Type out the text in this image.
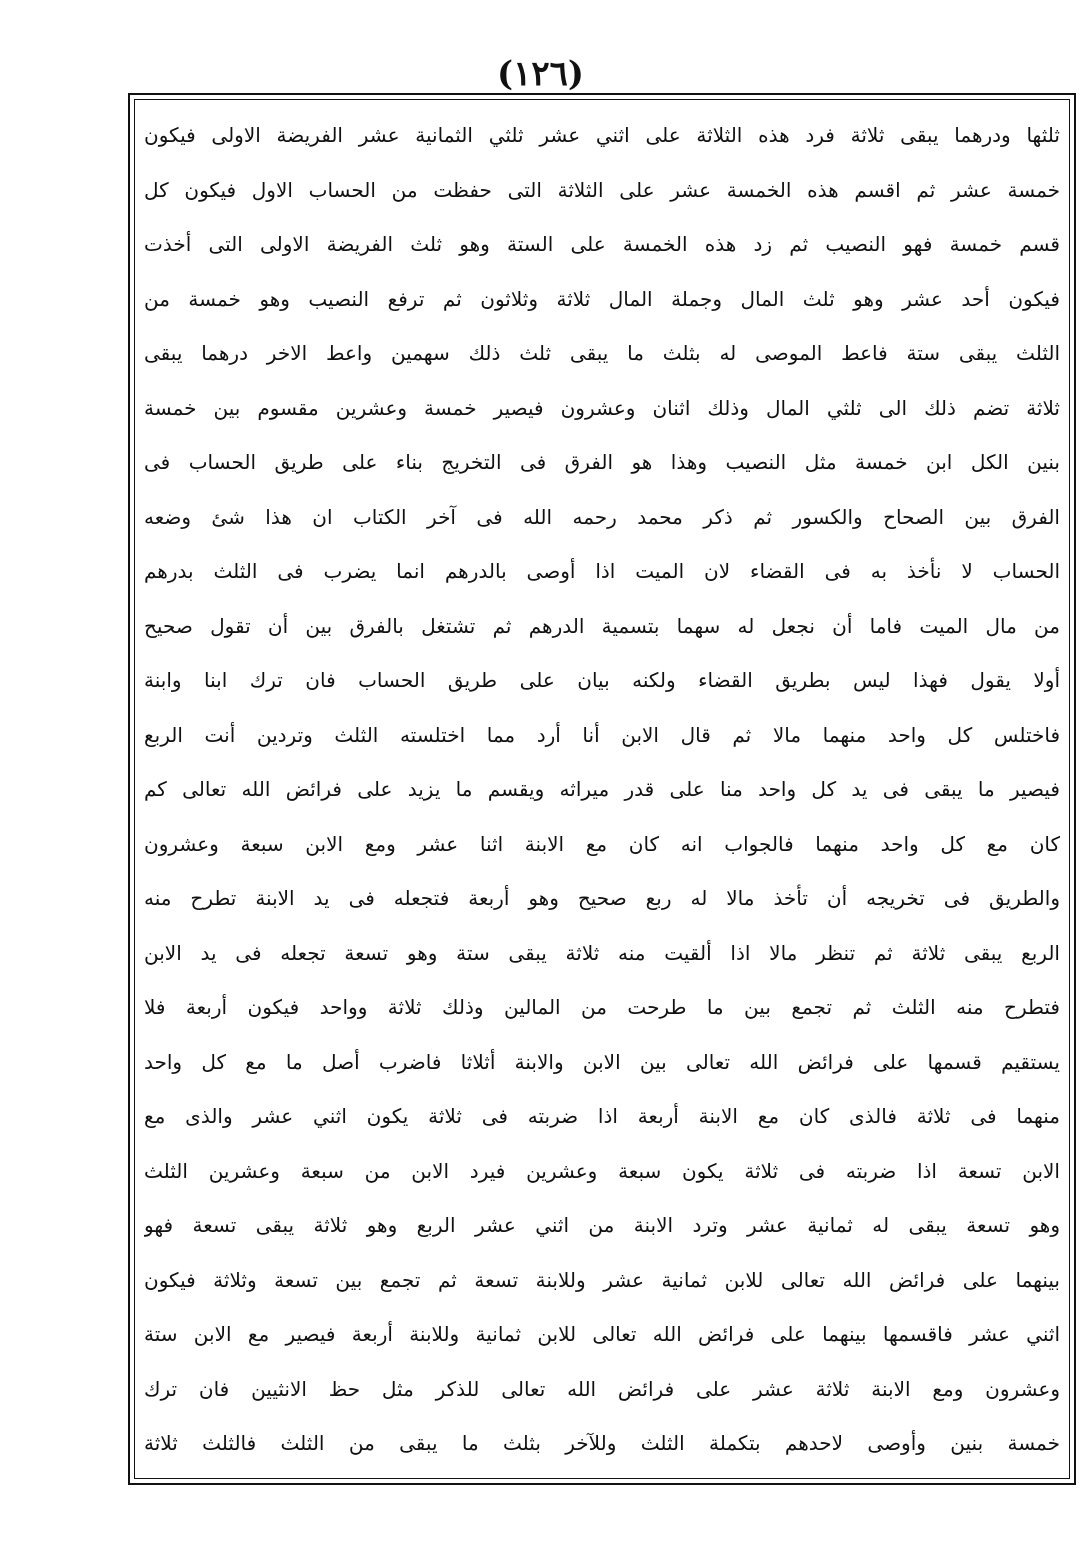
(١٢٦)
ثلثها ودرهما يبقى ثلاثة فرد هذه الثلاثة على اثني عشر ثلثي الثمانية عشر الفريضة الاولى فيكون
خمسة عشر ثم اقسم هذه الخمسة عشر على الثلاثة التى حفظت من الحساب الاول فيكون كل
قسم خمسة فهو النصيب ثم زد هذه الخمسة على الستة وهو ثلث الفريضة الاولى التى أخذت
فيكون أحد عشر وهو ثلث المال وجملة المال ثلاثة وثلاثون ثم ترفع النصيب وهو خمسة من
الثلث يبقى ستة فاعط الموصى له بثلث ما يبقى ثلث ذلك سهمين واعط الاخر درهما يبقى
ثلاثة تضم ذلك الى ثلثي المال وذلك اثنان وعشرون فيصير خمسة وعشرين مقسوم بين خمسة
بنين الكل ابن خمسة مثل النصيب وهذا هو الفرق فى التخريج بناء على طريق الحساب فى
الفرق بين الصحاح والكسور ثم ذكر محمد رحمه الله فى آخر الكتاب ان هذا شئ وضعه
الحساب لا نأخذ به فى القضاء لان الميت اذا أوصى بالدرهم انما يضرب فى الثلث بدرهم
من مال الميت فاما أن نجعل له سهما بتسمية الدرهم ثم تشتغل بالفرق بين أن تقول صحيح
أولا يقول فهذا ليس بطريق القضاء ولكنه بيان على طريق الحساب فان ترك ابنا وابنة
فاختلس كل واحد منهما مالا ثم قال الابن أنا أرد مما اختلسته الثلث وتردين أنت الربع
فيصير ما يبقى فى يد كل واحد منا على قدر ميراثه ويقسم ما يزيد على فرائض الله تعالى كم
كان مع كل واحد منهما فالجواب انه كان مع الابنة اثنا عشر ومع الابن سبعة وعشرون
والطريق فى تخريجه أن تأخذ مالا له ربع صحيح وهو أربعة فتجعله فى يد الابنة تطرح منه
الربع يبقى ثلاثة ثم تنظر مالا اذا ألقيت منه ثلاثة يبقى ستة وهو تسعة تجعله فى يد الابن
فتطرح منه الثلث ثم تجمع بين ما طرحت من المالين وذلك ثلاثة وواحد فيكون أربعة فلا
يستقيم قسمها على فرائض الله تعالى بين الابن والابنة أثلاثا فاضرب أصل ما مع كل واحد
منهما فى ثلاثة فالذى كان مع الابنة أربعة اذا ضربته فى ثلاثة يكون اثني عشر والذى مع
الابن تسعة اذا ضربته فى ثلاثة يكون سبعة وعشرين فيرد الابن من سبعة وعشرين الثلث
وهو تسعة يبقى له ثمانية عشر وترد الابنة من اثني عشر الربع وهو ثلاثة يبقى تسعة فهو
بينهما على فرائض الله تعالى للابن ثمانية عشر وللابنة تسعة ثم تجمع بين تسعة وثلاثة فيكون
اثني عشر فاقسمها بينهما على فرائض الله تعالى للابن ثمانية وللابنة أربعة فيصير مع الابن ستة
وعشرون ومع الابنة ثلاثة عشر على فرائض الله تعالى للذكر مثل حظ الانثيين فان ترك
خمسة بنين وأوصى لاحدهم بتكملة الثلث وللآخر بثلث ما يبقى من الثلث فالثلث ثلاثة
